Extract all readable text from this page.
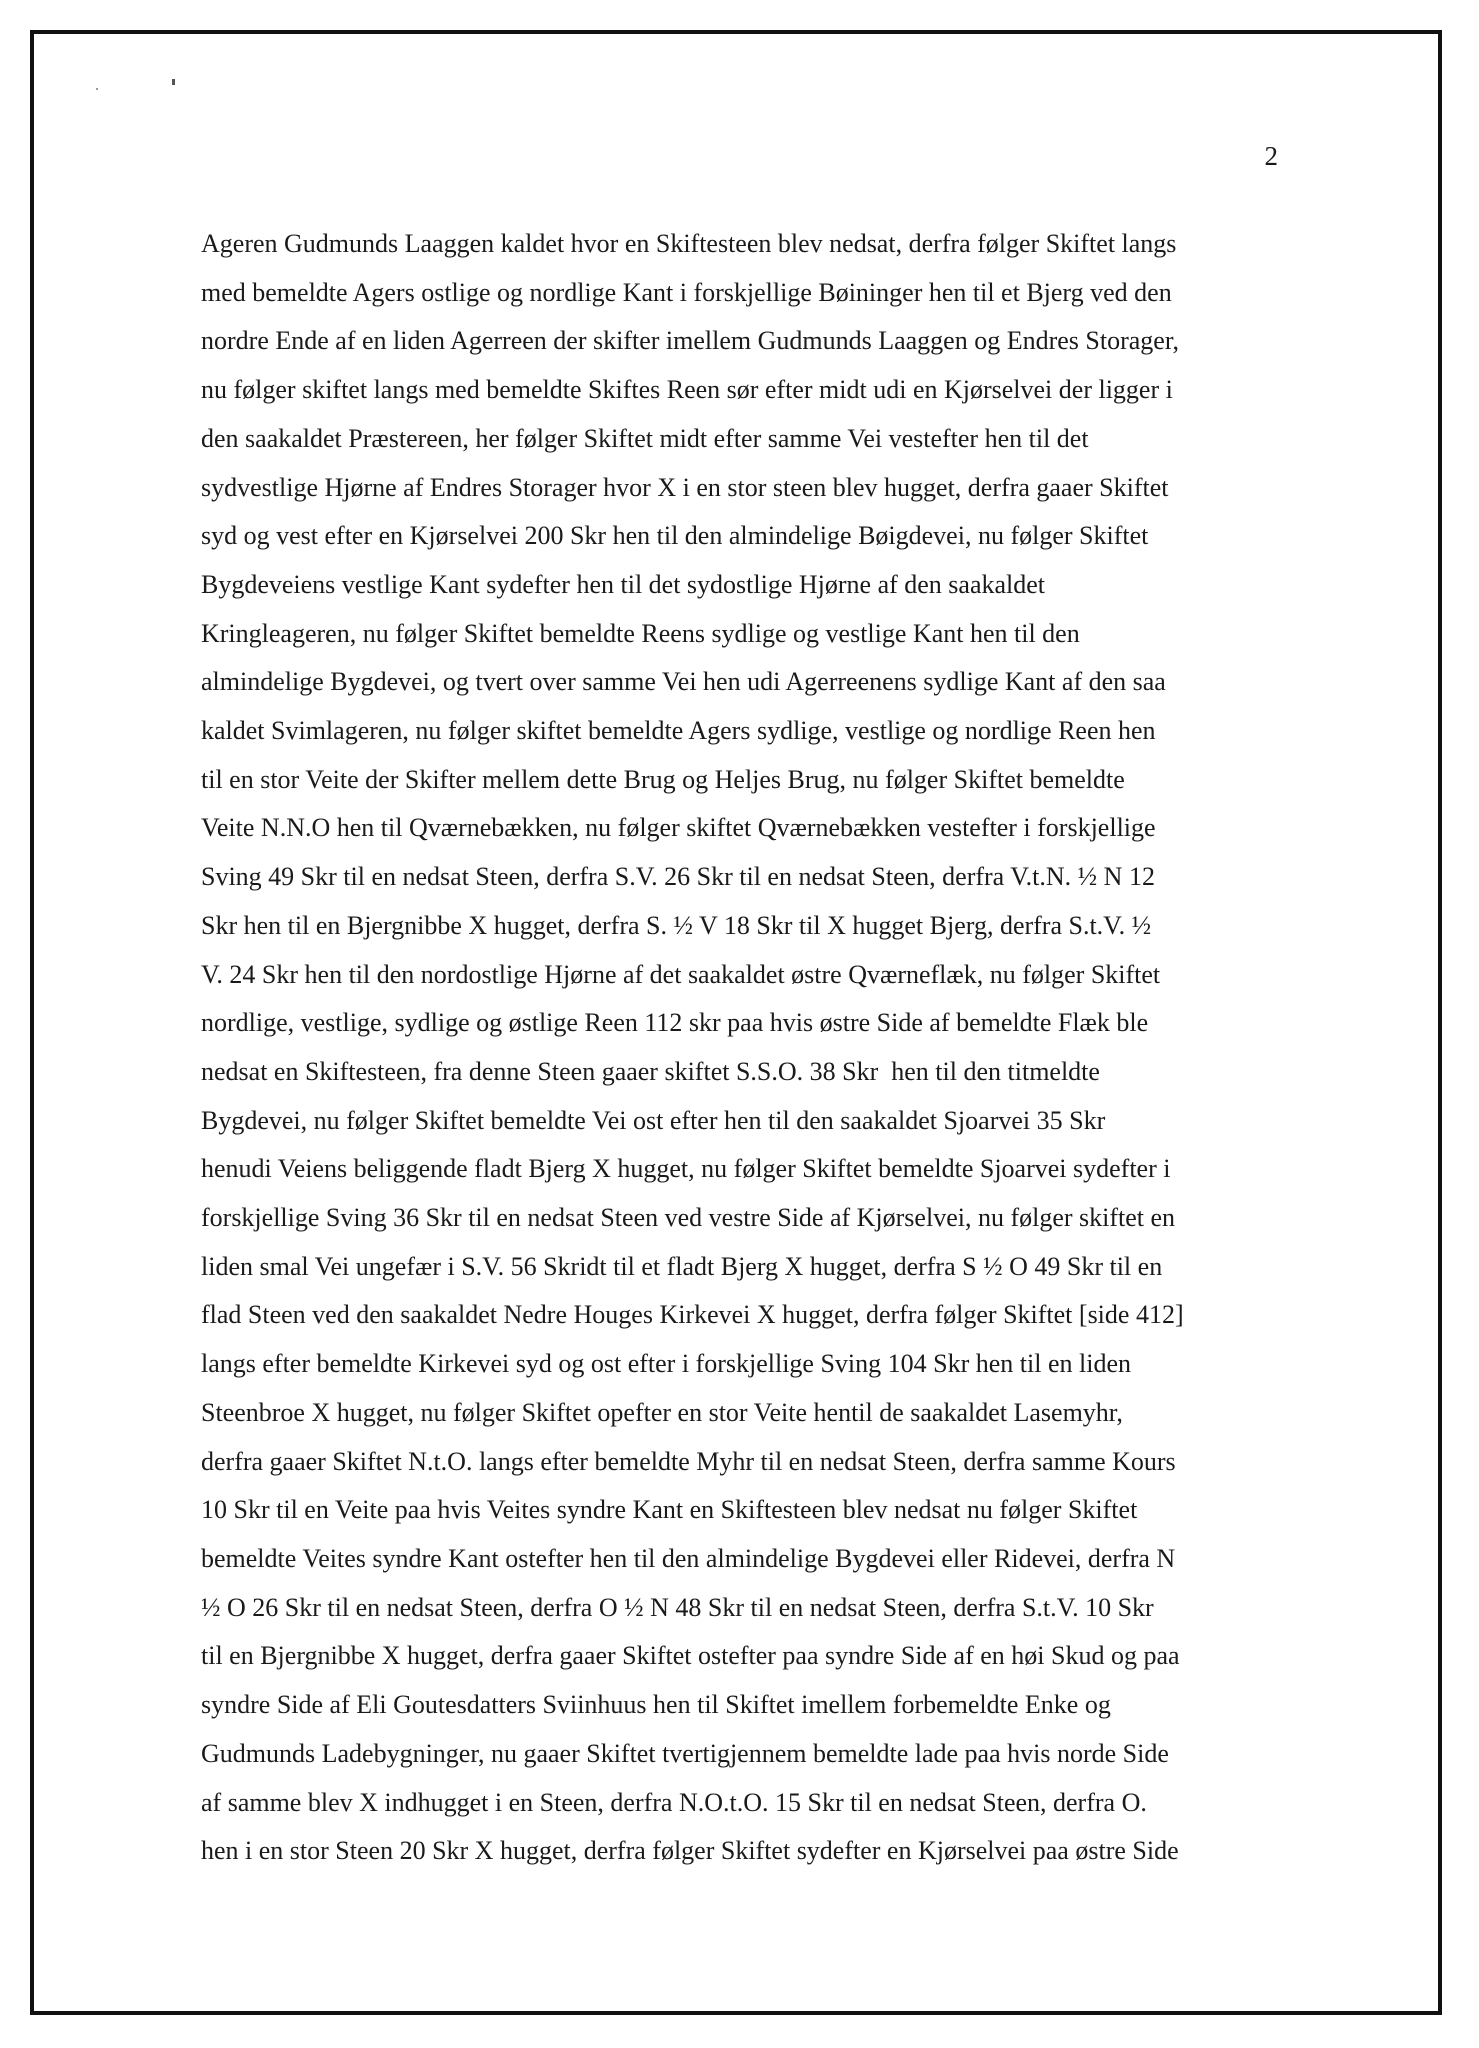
2
Ageren Gudmunds Laaggen kaldet hvor en Skiftesteen blev nedsat, derfra følger Skiftet langs
med bemeldte Agers ostlige og nordlige Kant i forskjellige Bøininger hen til et Bjerg ved den
nordre Ende af en liden Agerreen der skifter imellem Gudmunds Laaggen og Endres Storager,
nu følger skiftet langs med bemeldte Skiftes Reen sør efter midt udi en Kjørselvei der ligger i
den saakaldet Præstereen, her følger Skiftet midt efter samme Vei vestefter hen til det
sydvestlige Hjørne af Endres Storager hvor X i en stor steen blev hugget, derfra gaaer Skiftet
syd og vest efter en Kjørselvei 200 Skr hen til den almindelige Bøigdevei, nu følger Skiftet
Bygdeveiens vestlige Kant sydefter hen til det sydostlige Hjørne af den saakaldet
Kringleageren, nu følger Skiftet bemeldte Reens sydlige og vestlige Kant hen til den
almindelige Bygdevei, og tvert over samme Vei hen udi Agerreenens sydlige Kant af den saa
kaldet Svimlageren, nu følger skiftet bemeldte Agers sydlige, vestlige og nordlige Reen hen
til en stor Veite der Skifter mellem dette Brug og Heljes Brug, nu følger Skiftet bemeldte
Veite N.N.O hen til Qværnebækken, nu følger skiftet Qværnebækken vestefter i forskjellige
Sving 49 Skr til en nedsat Steen, derfra S.V. 26 Skr til en nedsat Steen, derfra V.t.N. ½ N 12
Skr hen til en Bjergnibbe X hugget, derfra S. ½ V 18 Skr til X hugget Bjerg, derfra S.t.V. ½
V. 24 Skr hen til den nordostlige Hjørne af det saakaldet østre Qværneflæk, nu følger Skiftet
nordlige, vestlige, sydlige og østlige Reen 112 skr paa hvis østre Side af bemeldte Flæk ble
nedsat en Skiftesteen, fra denne Steen gaaer skiftet S.S.O. 38 Skr  hen til den titmeldte
Bygdevei, nu følger Skiftet bemeldte Vei ost efter hen til den saakaldet Sjoarvei 35 Skr
henudi Veiens beliggende fladt Bjerg X hugget, nu følger Skiftet bemeldte Sjoarvei sydefter i
forskjellige Sving 36 Skr til en nedsat Steen ved vestre Side af Kjørselvei, nu følger skiftet en
liden smal Vei ungefær i S.V. 56 Skridt til et fladt Bjerg X hugget, derfra S ½ O 49 Skr til en
flad Steen ved den saakaldet Nedre Houges Kirkevei X hugget, derfra følger Skiftet [side 412]
langs efter bemeldte Kirkevei syd og ost efter i forskjellige Sving 104 Skr hen til en liden
Steenbroe X hugget, nu følger Skiftet opefter en stor Veite hentil de saakaldet Lasemyhr,
derfra gaaer Skiftet N.t.O. langs efter bemeldte Myhr til en nedsat Steen, derfra samme Kours
10 Skr til en Veite paa hvis Veites syndre Kant en Skiftesteen blev nedsat nu følger Skiftet
bemeldte Veites syndre Kant ostefter hen til den almindelige Bygdevei eller Ridevei, derfra N
½ O 26 Skr til en nedsat Steen, derfra O ½ N 48 Skr til en nedsat Steen, derfra S.t.V. 10 Skr
til en Bjergnibbe X hugget, derfra gaaer Skiftet ostefter paa syndre Side af en høi Skud og paa
syndre Side af Eli Goutesdatters Sviinhuus hen til Skiftet imellem forbemeldte Enke og
Gudmunds Ladebygninger, nu gaaer Skiftet tvertigjennem bemeldte lade paa hvis norde Side
af samme blev X indhugget i en Steen, derfra N.O.t.O. 15 Skr til en nedsat Steen, derfra O.
hen i en stor Steen 20 Skr X hugget, derfra følger Skiftet sydefter en Kjørselvei paa østre Side
